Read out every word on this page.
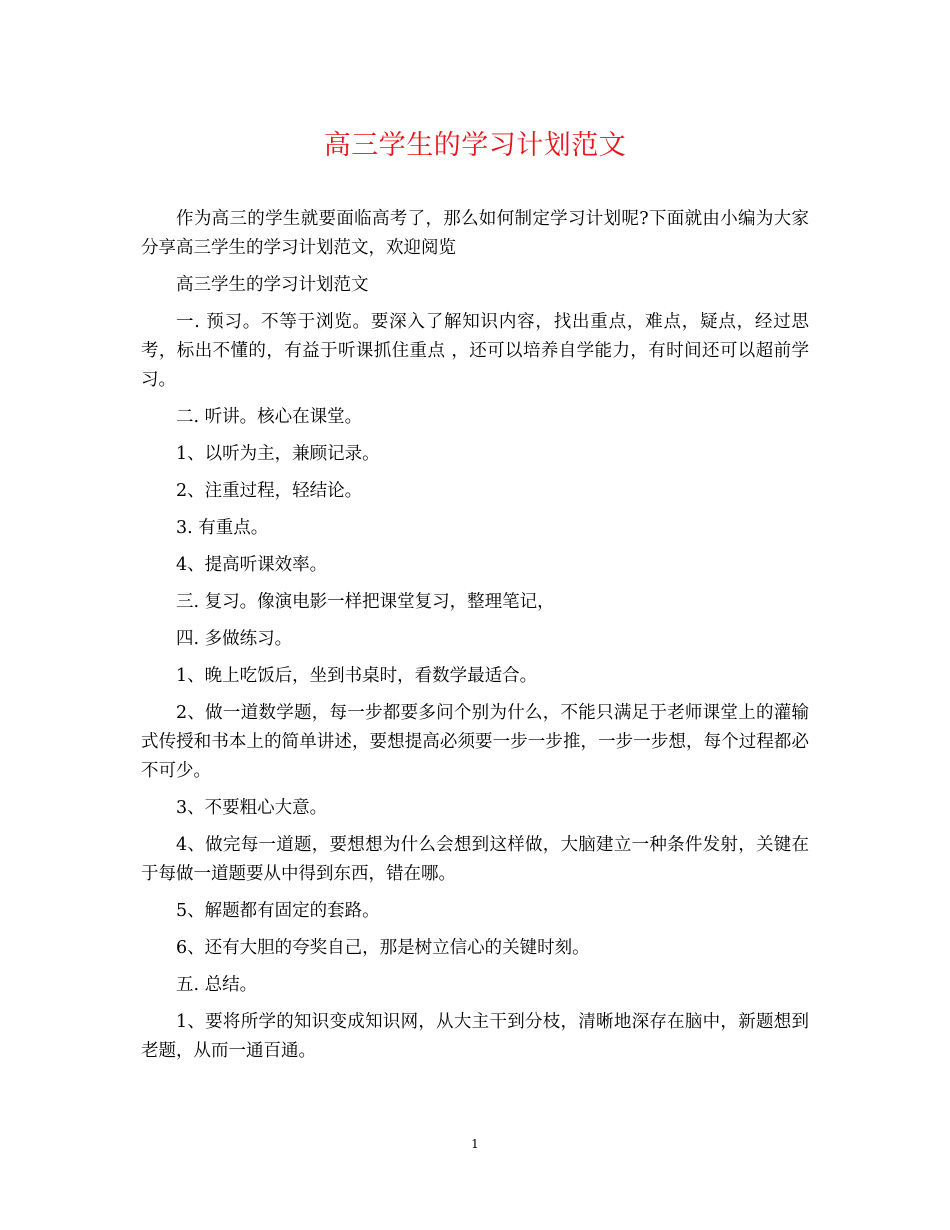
高三学生的学习计划范文

作为高三的学生就要面临高考了，那么如何制定学习计划呢?下面就由小编为大家分享高三学生的学习计划范文，欢迎阅览

高三学生的学习计划范文

一. 预习。不等于浏览。要深入了解知识内容，找出重点，难点，疑点，经过思考，标出不懂的，有益于听课抓住重点 ，还可以培养自学能力，有时间还可以超前学习。

二. 听讲。核心在课堂。

1、以听为主，兼顾记录。

2、注重过程，轻结论。

3. 有重点。

4、提高听课效率。

三. 复习。像演电影一样把课堂复习，整理笔记，

四. 多做练习。

1、晚上吃饭后，坐到书桌时，看数学最适合。

2、做一道数学题，每一步都要多问个别为什么，不能只满足于老师课堂上的灌输式传授和书本上的简单讲述，要想提高必须要一步一步推，一步一步想，每个过程都必不可少。

3、不要粗心大意。

4、做完每一道题，要想想为什么会想到这样做，大脑建立一种条件发射，关键在于每做一道题要从中得到东西，错在哪。

5、解题都有固定的套路。

6、还有大胆的夸奖自己，那是树立信心的关键时刻。

五. 总结。

1、要将所学的知识变成知识网，从大主干到分枝，清晰地深存在脑中，新题想到老题，从而一通百通。

1
